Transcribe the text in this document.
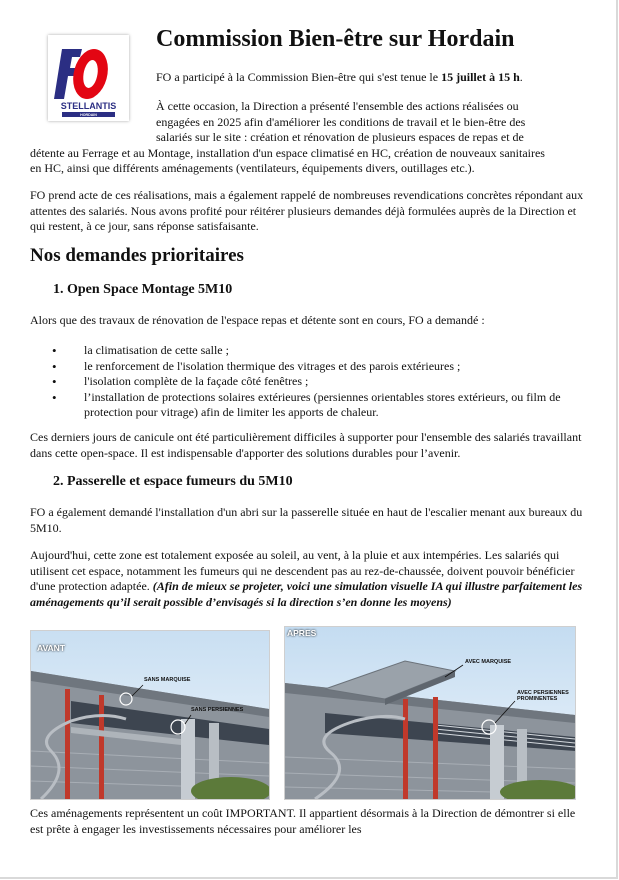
STELLANTIS
HORDAIN
Commission Bien-être sur Hordain

FO a participé à la Commission Bien-être qui s'est tenue le 15 juillet à 15 h.

À cette occasion, la Direction a présenté l'ensemble des actions réalisées ou

engagées en 2025 afin d'améliorer les conditions de travail et le bien-être des

salariés sur le site : création et rénovation de plusieurs espaces de repas et de

détente au Ferrage et au Montage, installation d'un espace climatisé en HC, création de nouveaux sanitaires

en HC, ainsi que différents aménagements (ventilateurs, équipements divers, outillages etc.).

FO prend acte de ces réalisations, mais a également rappelé de nombreuses revendications concrètes répondant aux attentes des salariés. Nous avons profité pour réitérer plusieurs demandes déjà formulées auprès de la Direction et qui restent, à ce jour, sans réponse satisfaisante.

Nos demandes prioritaires
1. Open Space Montage 5M10

Alors que des travaux de rénovation de l'espace repas et détente sont en cours, FO a demandé :

• la climatisation de cette salle ;
• le renforcement de l'isolation thermique des vitrages et des parois extérieures ;
• l'isolation complète de la façade côté fenêtres ;
• l’installation de protections solaires extérieures (persiennes orientables stores extérieurs, ou film de protection pour vitrage) afin de limiter les apports de chaleur.

Ces derniers jours de canicule ont été particulièrement difficiles à supporter pour l'ensemble des salariés travaillant dans cette open-space. Il est indispensable d'apporter des solutions durables pour l’avenir.

2. Passerelle et espace fumeurs du 5M10

FO a également demandé l'installation d'un abri sur la passerelle située en haut de l'escalier menant aux bureaux du 5M10.

Aujourd'hui, cette zone est totalement exposée au soleil, au vent, à la pluie et aux intempéries. Les salariés qui utilisent cet espace, notamment les fumeurs qui ne descendent pas au rez-de-chaussée, doivent pouvoir bénéficier d'une protection adaptée. (Afin de mieux se projeter, voici une simulation visuelle IA qui illustre parfaitement les aménagements qu’il serait possible d’envisagés si la direction s’en donne les moyens)

AVANT
SANS MARQUISE
SANS PERSIENNES
APRES
AVEC MARQUISE
AVEC PERSIENNES PROMINENTES

Ces aménagements représentent un coût IMPORTANT. Il appartient désormais à la Direction de démontrer si elle est prête à engager les investissements nécessaires pour améliorer les
